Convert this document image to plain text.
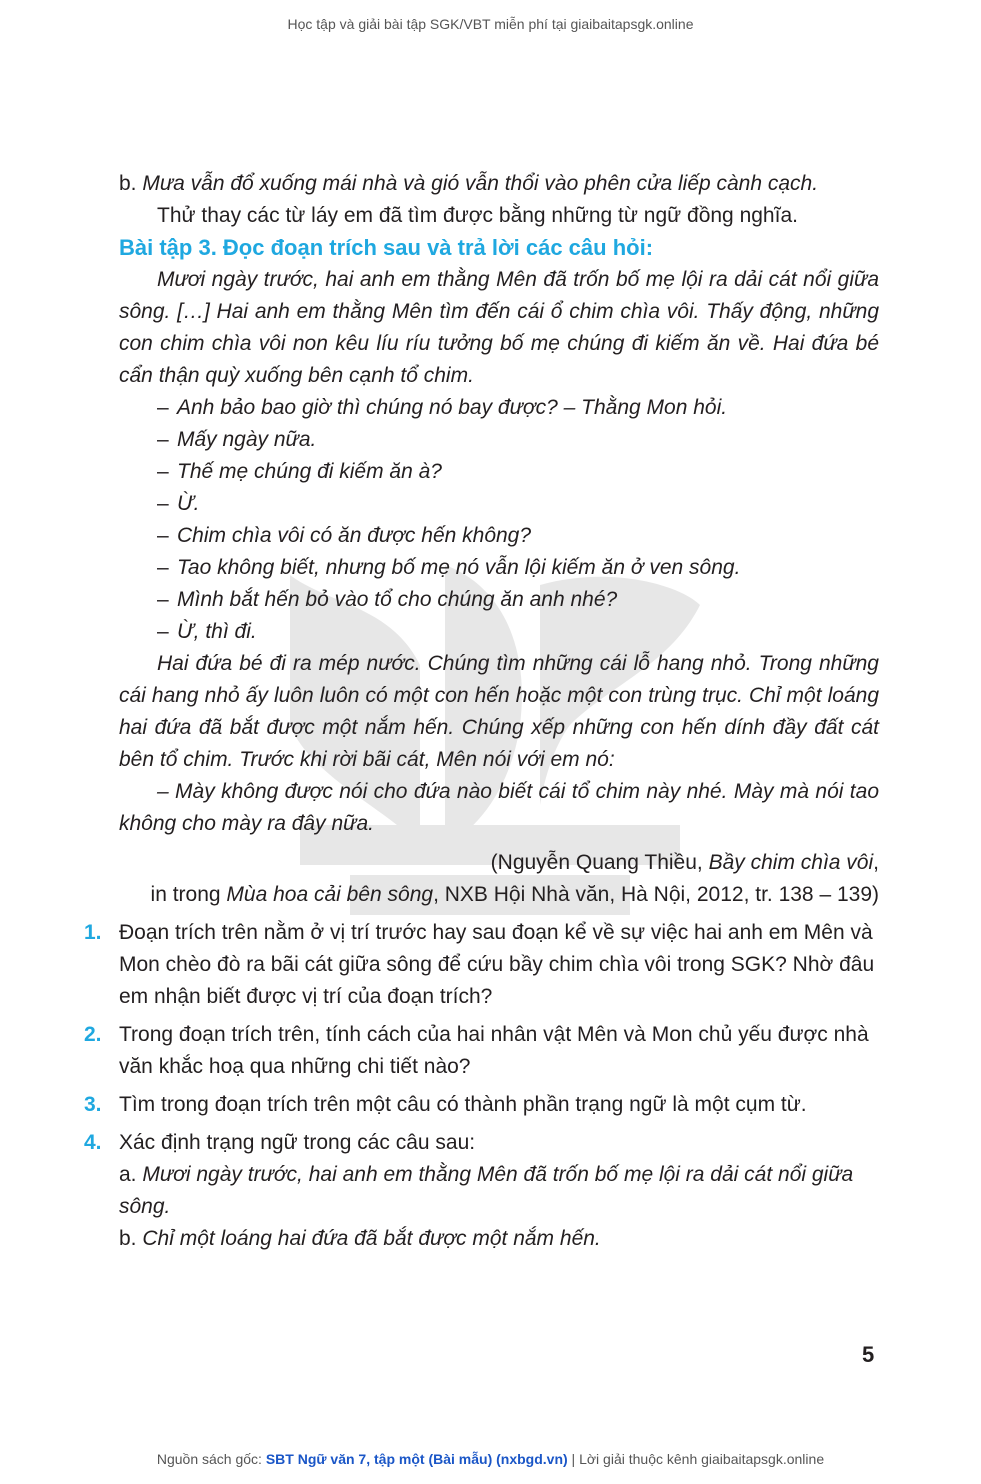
Học tập và giải bài tập SGK/VBT miễn phí tại giaibaitapsgk.online

b. Mưa vẫn đổ xuống mái nhà và gió vẫn thổi vào phên cửa liếp cành cạch.

Thử thay các từ láy em đã tìm được bằng những từ ngữ đồng nghĩa.

Bài tập 3. Đọc đoạn trích sau và trả lời các câu hỏi:

Mươi ngày trước, hai anh em thằng Mên đã trốn bố mẹ lội ra dải cát nổi giữa sông. […] Hai anh em thằng Mên tìm đến cái ổ chim chìa vôi. Thấy động, những con chim chìa vôi non kêu líu ríu tưởng bố mẹ chúng đi kiếm ăn về. Hai đứa bé cẩn thận quỳ xuống bên cạnh tổ chim.

– Anh bảo bao giờ thì chúng nó bay được? – Thằng Mon hỏi.

– Mấy ngày nữa.

– Thế mẹ chúng đi kiếm ăn à?

– Ừ.

– Chim chìa vôi có ăn được hến không?

– Tao không biết, nhưng bố mẹ nó vẫn lội kiếm ăn ở ven sông.

– Mình bắt hến bỏ vào tổ cho chúng ăn anh nhé?

– Ừ, thì đi.

Hai đứa bé đi ra mép nước. Chúng tìm những cái lỗ hang nhỏ. Trong những cái hang nhỏ ấy luôn luôn có một con hến hoặc một con trùng trục. Chỉ một loáng hai đứa đã bắt được một nắm hến. Chúng xếp những con hến dính đầy đất cát bên tổ chim. Trước khi rời bãi cát, Mên nói với em nó:

– Mày không được nói cho đứa nào biết cái tổ chim này nhé. Mày mà nói tao không cho mày ra đây nữa.

(Nguyễn Quang Thiều, Bầy chim chìa vôi,
in trong Mùa hoa cải bên sông, NXB Hội Nhà văn, Hà Nội, 2012, tr. 138 – 139)
1. Đoạn trích trên nằm ở vị trí trước hay sau đoạn kể về sự việc hai anh em Mên và Mon chèo đò ra bãi cát giữa sông để cứu bầy chim chìa vôi trong SGK? Nhờ đâu em nhận biết được vị trí của đoạn trích?
2. Trong đoạn trích trên, tính cách của hai nhân vật Mên và Mon chủ yếu được nhà văn khắc hoạ qua những chi tiết nào?
3. Tìm trong đoạn trích trên một câu có thành phần trạng ngữ là một cụm từ.
4. Xác định trạng ngữ trong các câu sau:

a. Mươi ngày trước, hai anh em thằng Mên đã trốn bố mẹ lội ra dải cát nổi giữa sông.

b. Chỉ một loáng hai đứa đã bắt được một nắm hến.

5
Nguồn sách gốc: SBT Ngữ văn 7, tập một (Bài mẫu) (nxbgd.vn) | Lời giải thuộc kênh giaibaitapsgk.online
